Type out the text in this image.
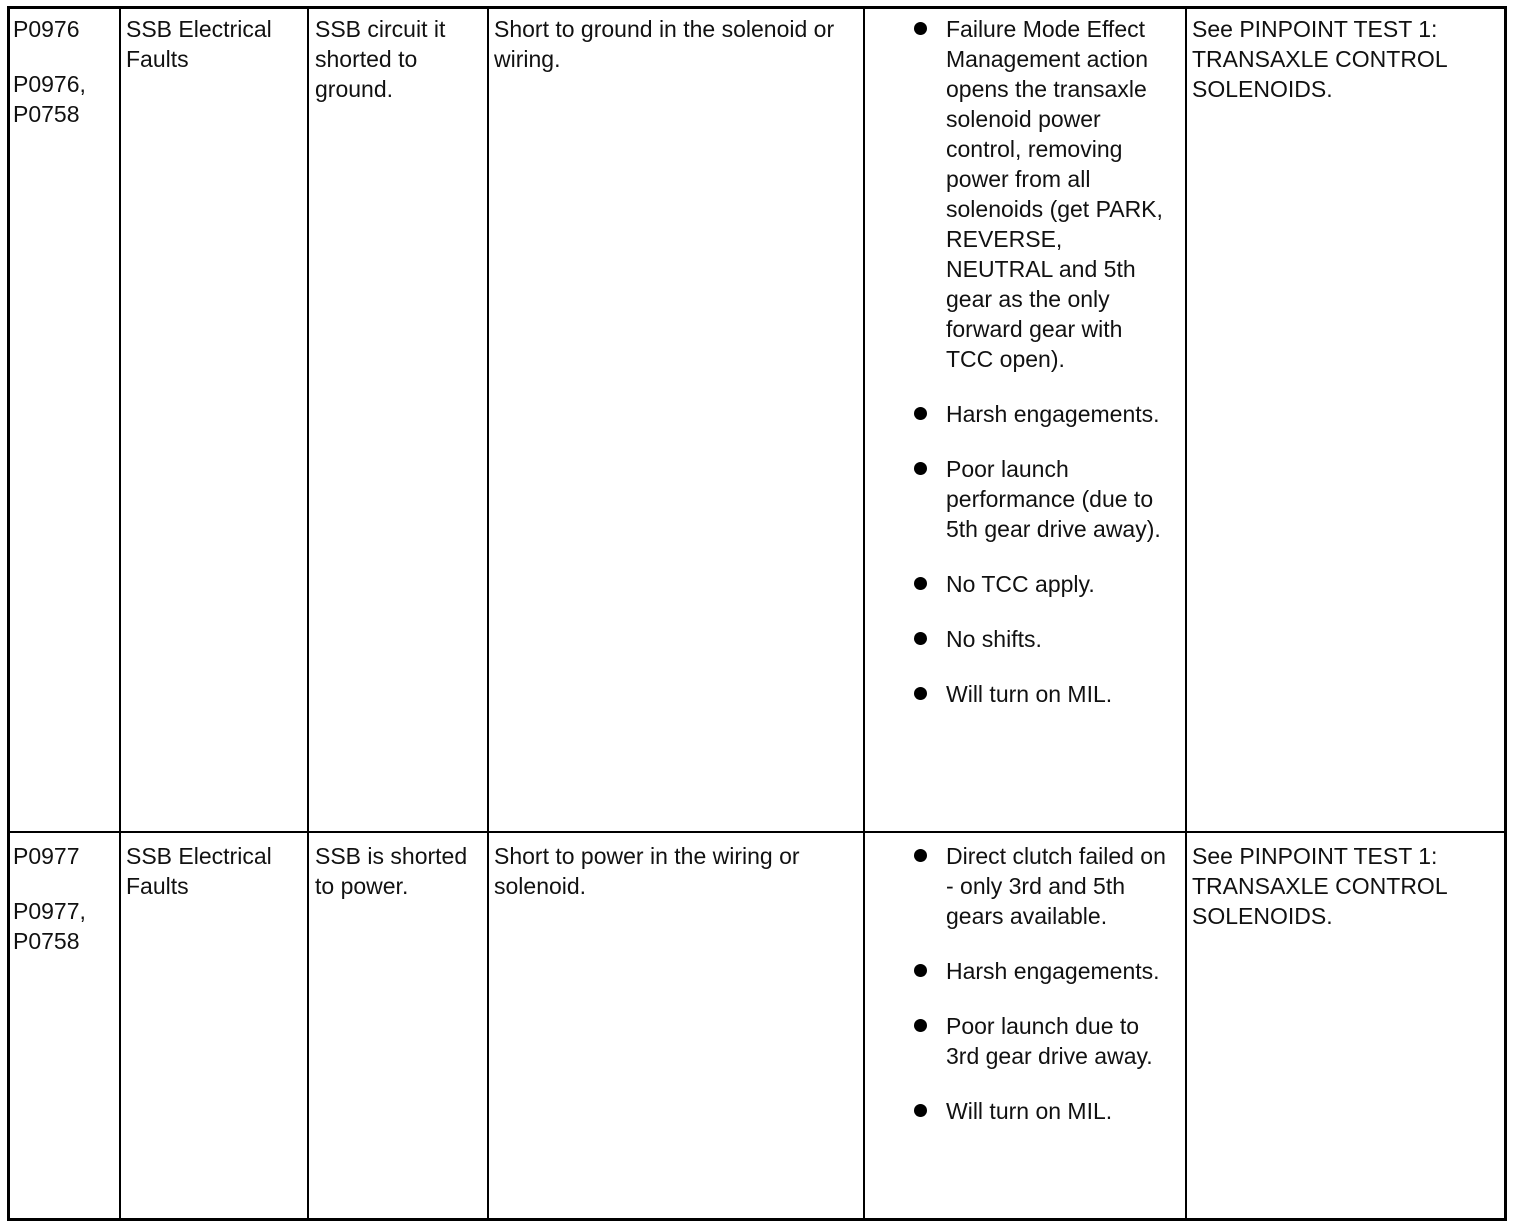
P0976
P0976, P0758
SSB Electrical Faults
SSB circuit it shorted to ground.
Short to ground in the solenoid or wiring.
Failure Mode Effect Management action opens the transaxle solenoid power control, removing power from all solenoids (get PARK, REVERSE, NEUTRAL and 5th gear as the only forward gear with TCC open).
Harsh engagements.
Poor launch performance (due to 5th gear drive away).
No TCC apply.
No shifts.
Will turn on MIL.
See PINPOINT TEST 1: TRANSAXLE CONTROL SOLENOIDS.
P0977
P0977, P0758
SSB Electrical Faults
SSB is shorted to power.
Short to power in the wiring or solenoid.
Direct clutch failed on - only 3rd and 5th gears available.
Harsh engagements.
Poor launch due to 3rd gear drive away.
Will turn on MIL.
See PINPOINT TEST 1: TRANSAXLE CONTROL SOLENOIDS.
